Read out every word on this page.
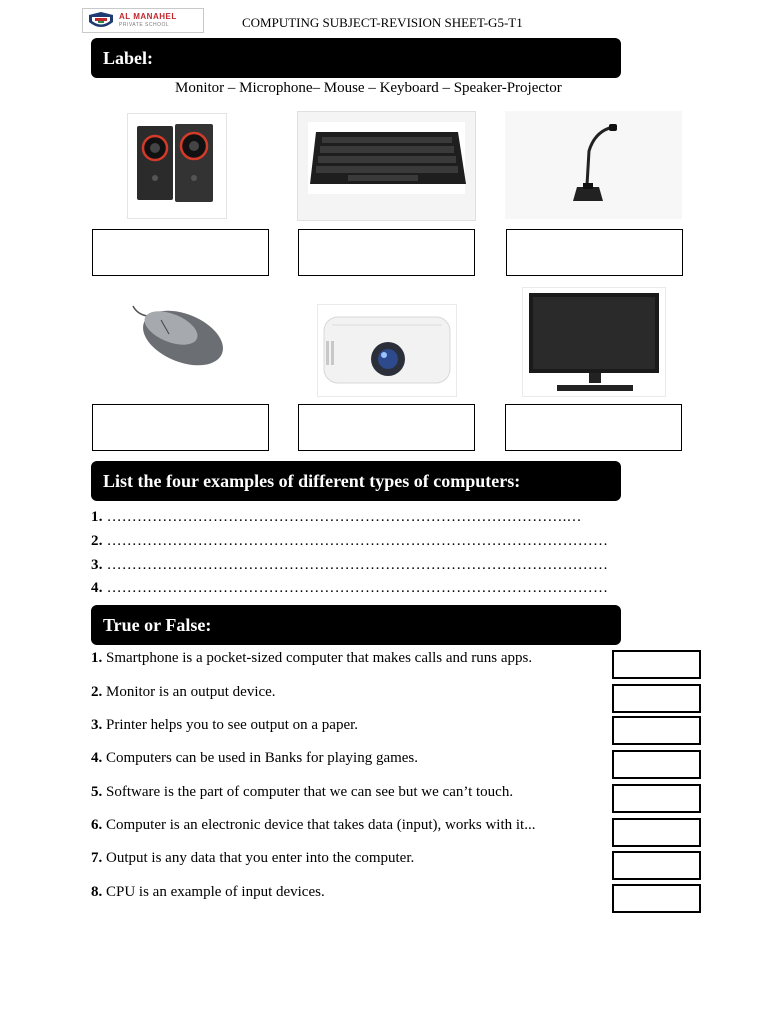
AL MANAHEL
PRIVATE SCHOOL	COMPUTING SUBJECT-REVISION SHEET-G5-T1
Label:
Monitor – Microphone– Mouse – Keyboard – Speaker-Projector
List the four examples of different types of computers:
1. ……………………………………………………………………………….…
2. ………………………………………………………………………………………
3. ………………………………………………………………………………………
4. ………………………………………………………………………………………
True or False:
1. Smartphone is a pocket-sized computer that makes calls and runs apps.
2. Monitor is an output device.
3. Printer helps you to see output on a paper.
4. Computers can be used in Banks for playing games.
5. Software is the part of computer that we can see but we can’t touch.
6. Computer is an electronic device that takes data (input), works with it...
7. Output is any data that you enter into the computer.
8. CPU is an example of input devices.
